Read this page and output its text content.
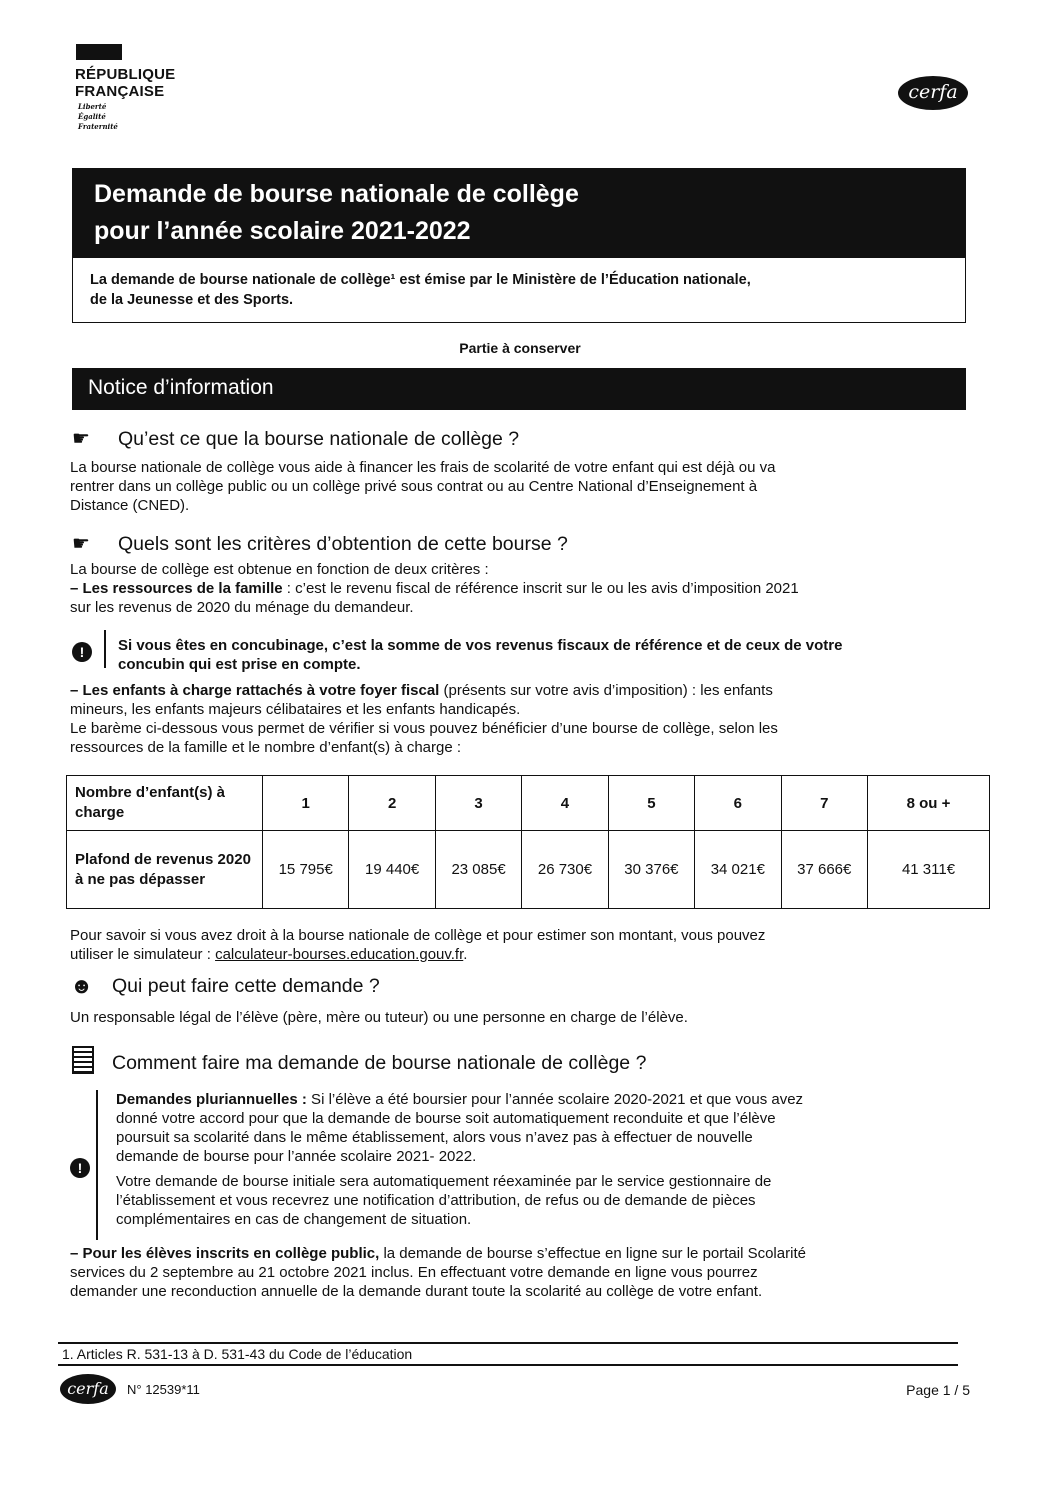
RÉPUBLIQUE
FRANÇAISE
Liberté
Égalité
Fraternité
cerfa
Demande de bourse nationale de collège
pour l’année scolaire 2021-2022
La demande de bourse nationale de collège¹ est émise par le Ministère de l’Éducation nationale,
de la Jeunesse et des Sports.
Partie à conserver
Notice d’information
☛	Qu’est ce que la bourse nationale de collège ?
La bourse nationale de collège vous aide à financer les frais de scolarité de votre enfant qui est déjà ou va
rentrer dans un collège public ou un collège privé sous contrat ou au Centre National d’Enseignement à
Distance (CNED).
☛	Quels sont les critères d’obtention de cette bourse ?
La bourse de collège est obtenue en fonction de deux critères :
– Les ressources de la famille : c’est le revenu fiscal de référence inscrit sur le ou les avis d’imposition 2021
sur les revenus de 2020 du ménage du demandeur.
!	Si vous êtes en concubinage, c’est la somme de vos revenus fiscaux de référence et de ceux de votre
concubin qui est prise en compte.
– Les enfants à charge rattachés à votre foyer fiscal (présents sur votre avis d’imposition) : les enfants
mineurs, les enfants majeurs célibataires et les enfants handicapés.
Le barème ci-dessous vous permet de vérifier si vous pouvez bénéficier d’une bourse de collège, selon les
ressources de la famille et le nombre d’enfant(s) à charge :
Nombre d’enfant(s) à charge	1	2	3	4	5	6	7	8 ou +
Plafond de revenus 2020 à ne pas dépasser	15 795€	19 440€	23 085€	26 730€	30 376€	34 021€	37 666€	41 311€
Pour savoir si vous avez droit à la bourse nationale de collège et pour estimer son montant, vous pouvez
utiliser le simulateur : calculateur-bourses.education.gouv.fr.
☻ Qui peut faire cette demande ?
Un responsable légal de l’élève (père, mère ou tuteur) ou une personne en charge de l’élève.
Comment faire ma demande de bourse nationale de collège ?
!
Demandes pluriannuelles : Si l’élève a été boursier pour l’année scolaire 2020-2021 et que vous avez
donné votre accord pour que la demande de bourse soit automatiquement reconduite et que l’élève
poursuit sa scolarité dans le même établissement, alors vous n’avez pas à effectuer de nouvelle
demande de bourse pour l’année scolaire 2021- 2022.
Votre demande de bourse initiale sera automatiquement réexaminée par le service gestionnaire de
l’établissement et vous recevrez une notification d’attribution, de refus ou de demande de pièces
complémentaires en cas de changement de situation.
– Pour les élèves inscrits en collège public, la demande de bourse s’effectue en ligne sur le portail Scolarité
services du 2 septembre au 21 octobre 2021 inclus. En effectuant votre demande en ligne vous pourrez
demander une reconduction annuelle de la demande durant toute la scolarité au collège de votre enfant.
1. Articles R. 531-13 à D. 531-43 du Code de l’éducation
cerfa	N° 12539*11	Page 1 / 5
